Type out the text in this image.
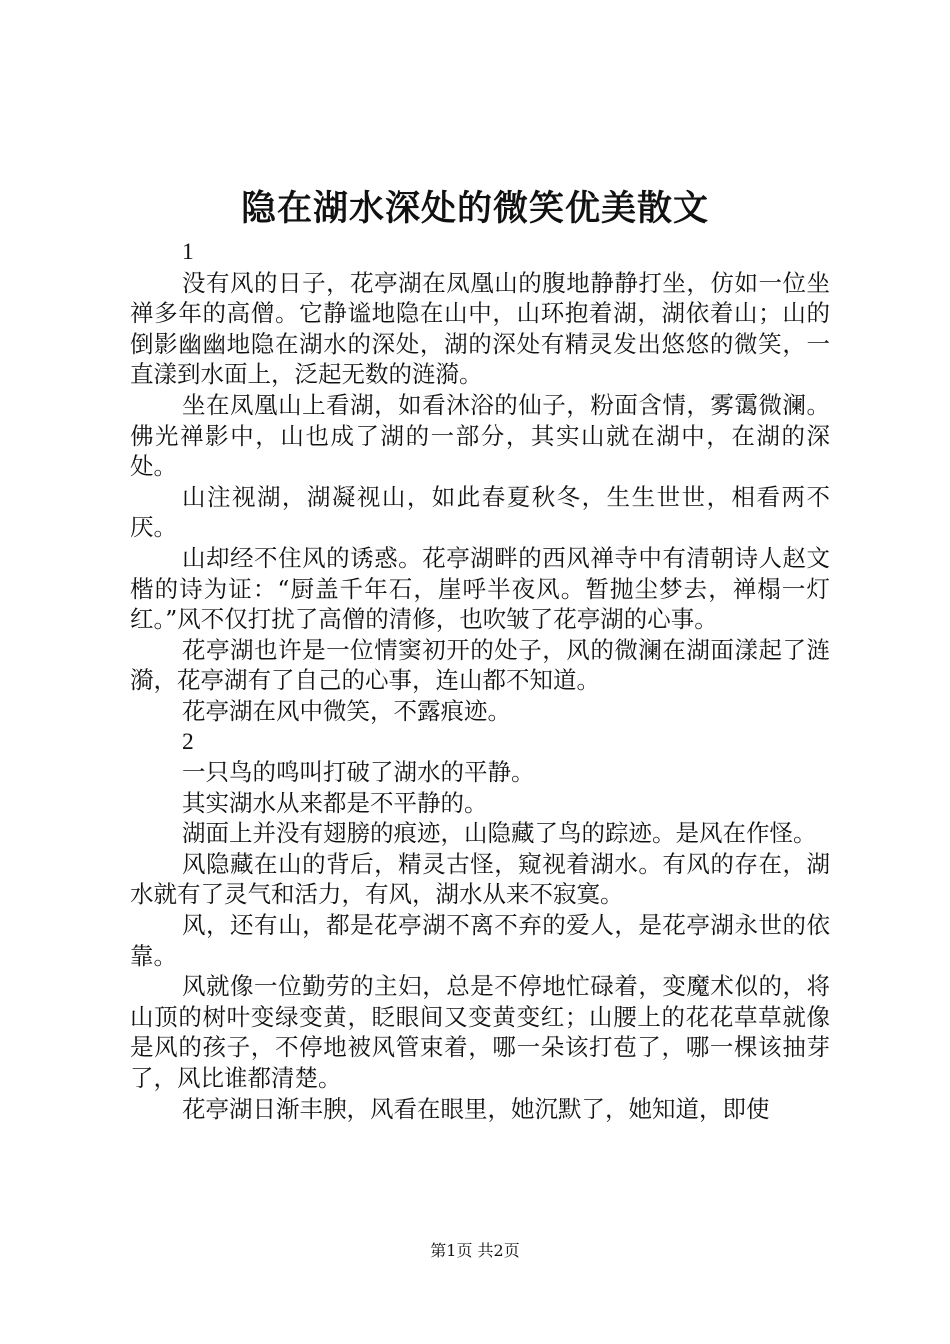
隐在湖水深处的微笑优美散文

1

没有风的日子，花亭湖在凤凰山的腹地静静打坐，仿如一位坐禅多年的高僧。它静谧地隐在山中，山环抱着湖，湖依着山；山的倒影幽幽地隐在湖水的深处，湖的深处有精灵发出悠悠的微笑，一直漾到水面上，泛起无数的涟漪。

坐在凤凰山上看湖，如看沐浴的仙子，粉面含情，雾霭微澜。佛光禅影中，山也成了湖的一部分，其实山就在湖中，在湖的深处。

山注视湖，湖凝视山，如此春夏秋冬，生生世世，相看两不厌。

山却经不住风的诱惑。花亭湖畔的西风禅寺中有清朝诗人赵文楷的诗为证：“厨盖千年石，崖呼半夜风。暂抛尘梦去，禅榻一灯红。”风不仅打扰了高僧的清修，也吹皱了花亭湖的心事。

花亭湖也许是一位情窦初开的处子，风的微澜在湖面漾起了涟漪，花亭湖有了自己的心事，连山都不知道。

花亭湖在风中微笑，不露痕迹。

2

一只鸟的鸣叫打破了湖水的平静。

其实湖水从来都是不平静的。

湖面上并没有翅膀的痕迹，山隐藏了鸟的踪迹。是风在作怪。

风隐藏在山的背后，精灵古怪，窥视着湖水。有风的存在，湖水就有了灵气和活力，有风，湖水从来不寂寞。

风，还有山，都是花亭湖不离不弃的爱人，是花亭湖永世的依靠。

风就像一位勤劳的主妇，总是不停地忙碌着，变魔术似的，将山顶的树叶变绿变黄，眨眼间又变黄变红；山腰上的花花草草就像是风的孩子，不停地被风管束着，哪一朵该打苞了，哪一棵该抽芽了，风比谁都清楚。

花亭湖日渐丰腴，风看在眼里，她沉默了，她知道，即使

第1页 共2页
